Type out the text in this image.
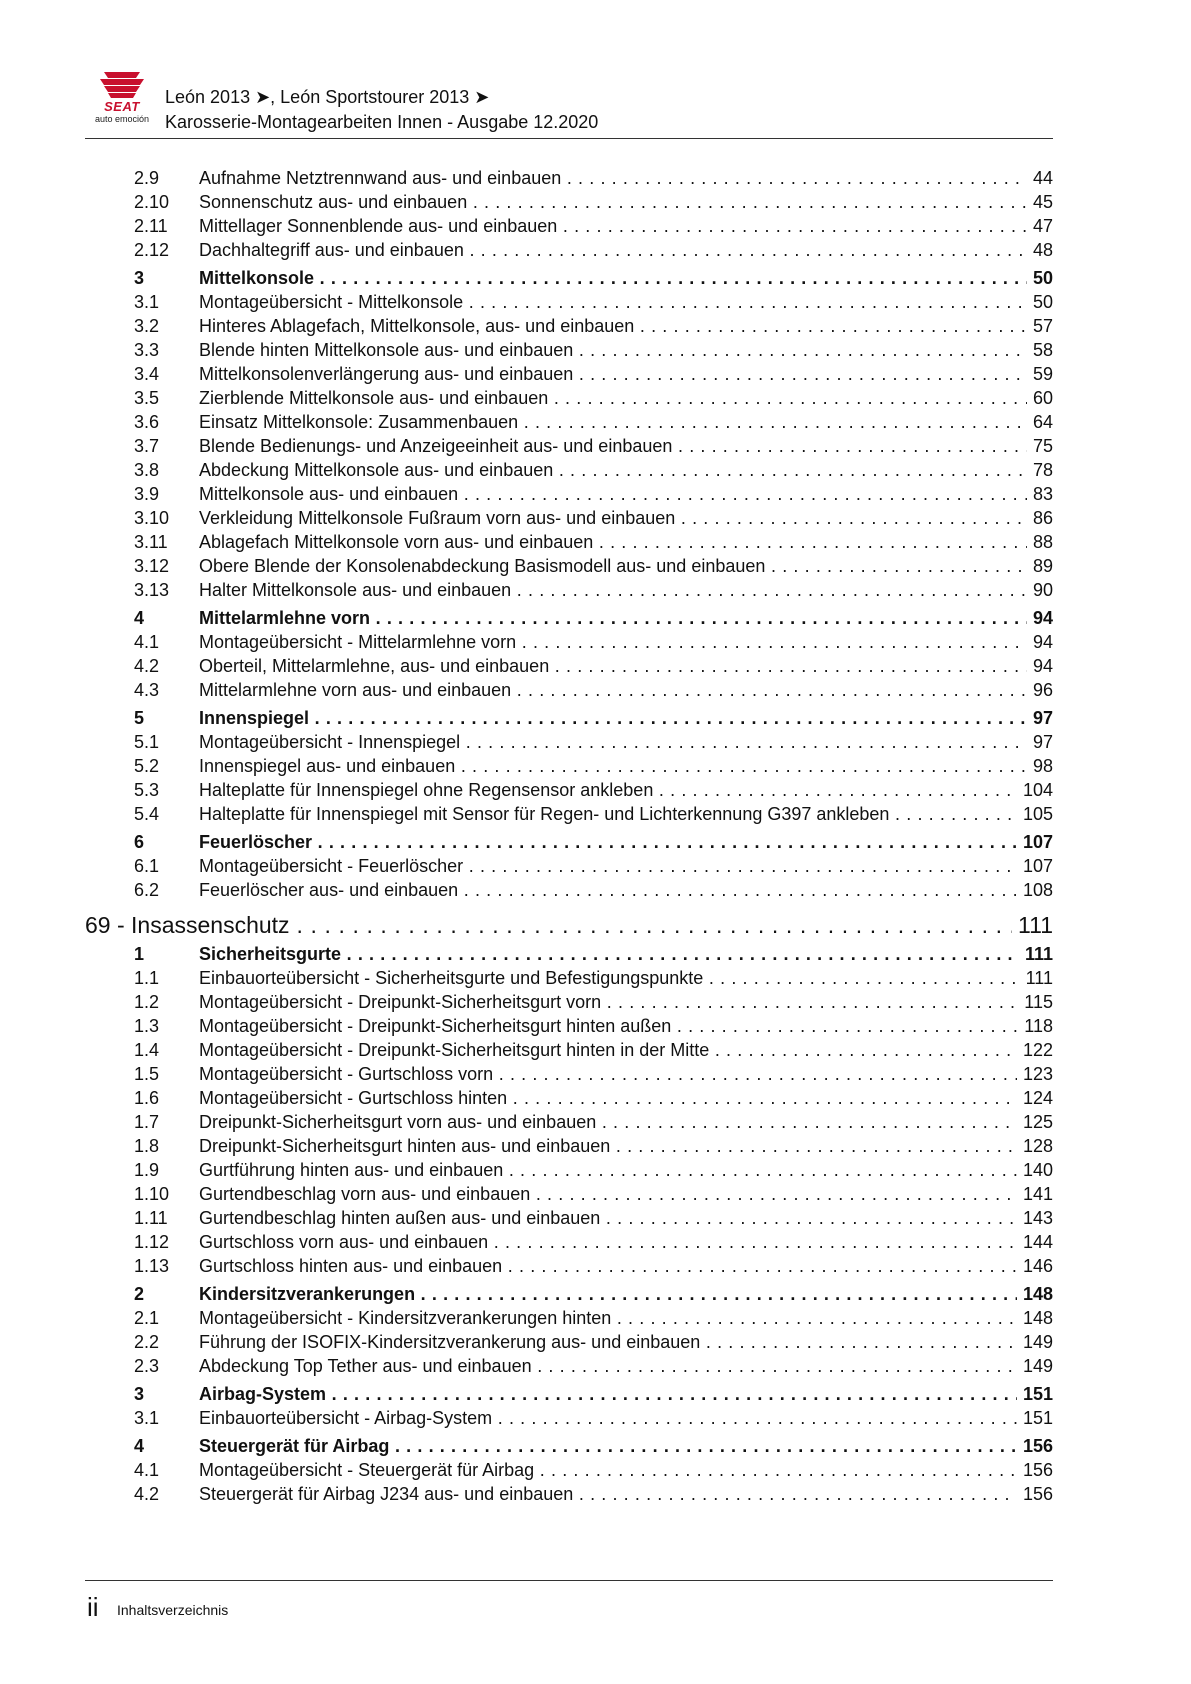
SEAT
auto emoción
León 2013 ➤, León Sportstourer 2013 ➤
Karosserie-Montagearbeiten Innen - Ausgabe 12.2020
2.9 Aufnahme Netztrennwand aus- und einbauen . . .	44
2.10 Sonnenschutz aus- und einbauen . . .	45
2.11 Mittellager Sonnenblende aus- und einbauen . . .	47
2.12 Dachhaltegriff aus- und einbauen . . .	48
3	Mittelkonsole . . .	50
3.1 Montageübersicht - Mittelkonsole . . .	50
3.2 Hinteres Ablagefach, Mittelkonsole, aus- und einbauen . . .	57
3.3 Blende hinten Mittelkonsole aus- und einbauen . . .	58
3.4 Mittelkonsolenverlängerung aus- und einbauen . . .	59
3.5 Zierblende Mittelkonsole aus- und einbauen . . .	60
3.6 Einsatz Mittelkonsole: Zusammenbauen . . .	64
3.7 Blende Bedienungs- und Anzeigeeinheit aus- und einbauen . . .	75
3.8 Abdeckung Mittelkonsole aus- und einbauen . . .	78
3.9 Mittelkonsole aus- und einbauen . . .	83
3.10 Verkleidung Mittelkonsole Fußraum vorn aus- und einbauen . . .	86
3.11 Ablagefach Mittelkonsole vorn aus- und einbauen . . .	88
3.12 Obere Blende der Konsolenabdeckung Basismodell aus- und einbauen . . .	89
3.13 Halter Mittelkonsole aus- und einbauen . . .	90
4	Mittelarmlehne vorn . . .	94
4.1 Montageübersicht - Mittelarmlehne vorn . . .	94
4.2 Oberteil, Mittelarmlehne, aus- und einbauen . . .	94
4.3 Mittelarmlehne vorn aus- und einbauen . . .	96
5	Innenspiegel . . .	97
5.1 Montageübersicht - Innenspiegel . . .	97
5.2 Innenspiegel aus- und einbauen . . .	98
5.3 Halteplatte für Innenspiegel ohne Regensensor ankleben . . .	104
5.4 Halteplatte für Innenspiegel mit Sensor für Regen- und Lichterkennung G397 ankleben . . .	105
6	Feuerlöscher . . .	107
6.1 Montageübersicht - Feuerlöscher . . .	107
6.2 Feuerlöscher aus- und einbauen . . .	108
69 - Insassenschutz . . .	111
1	Sicherheitsgurte . . .	111
1.1 Einbauorteübersicht - Sicherheitsgurte und Befestigungspunkte . . .	111
1.2 Montageübersicht - Dreipunkt-Sicherheitsgurt vorn . . .	115
1.3 Montageübersicht - Dreipunkt-Sicherheitsgurt hinten außen . . .	118
1.4 Montageübersicht - Dreipunkt-Sicherheitsgurt hinten in der Mitte . . .	122
1.5 Montageübersicht - Gurtschloss vorn . . .	123
1.6 Montageübersicht - Gurtschloss hinten . . .	124
1.7 Dreipunkt-Sicherheitsgurt vorn aus- und einbauen . . .	125
1.8 Dreipunkt-Sicherheitsgurt hinten aus- und einbauen . . .	128
1.9 Gurtführung hinten aus- und einbauen . . .	140
1.10 Gurtendbeschlag vorn aus- und einbauen . . .	141
1.11 Gurtendbeschlag hinten außen aus- und einbauen . . .	143
1.12 Gurtschloss vorn aus- und einbauen . . .	144
1.13 Gurtschloss hinten aus- und einbauen . . .	146
2	Kindersitzverankerungen . . .	148
2.1 Montageübersicht - Kindersitzverankerungen hinten . . .	148
2.2 Führung der ISOFIX-Kindersitzverankerung aus- und einbauen . . .	149
2.3 Abdeckung Top Tether aus- und einbauen . . .	149
3	Airbag-System . . .	151
3.1 Einbauorteübersicht - Airbag-System . . .	151
4	Steuergerät für Airbag . . .	156
4.1 Montageübersicht - Steuergerät für Airbag . . .	156
4.2 Steuergerät für Airbag J234 aus- und einbauen . . .	156
ii Inhaltsverzeichnis
